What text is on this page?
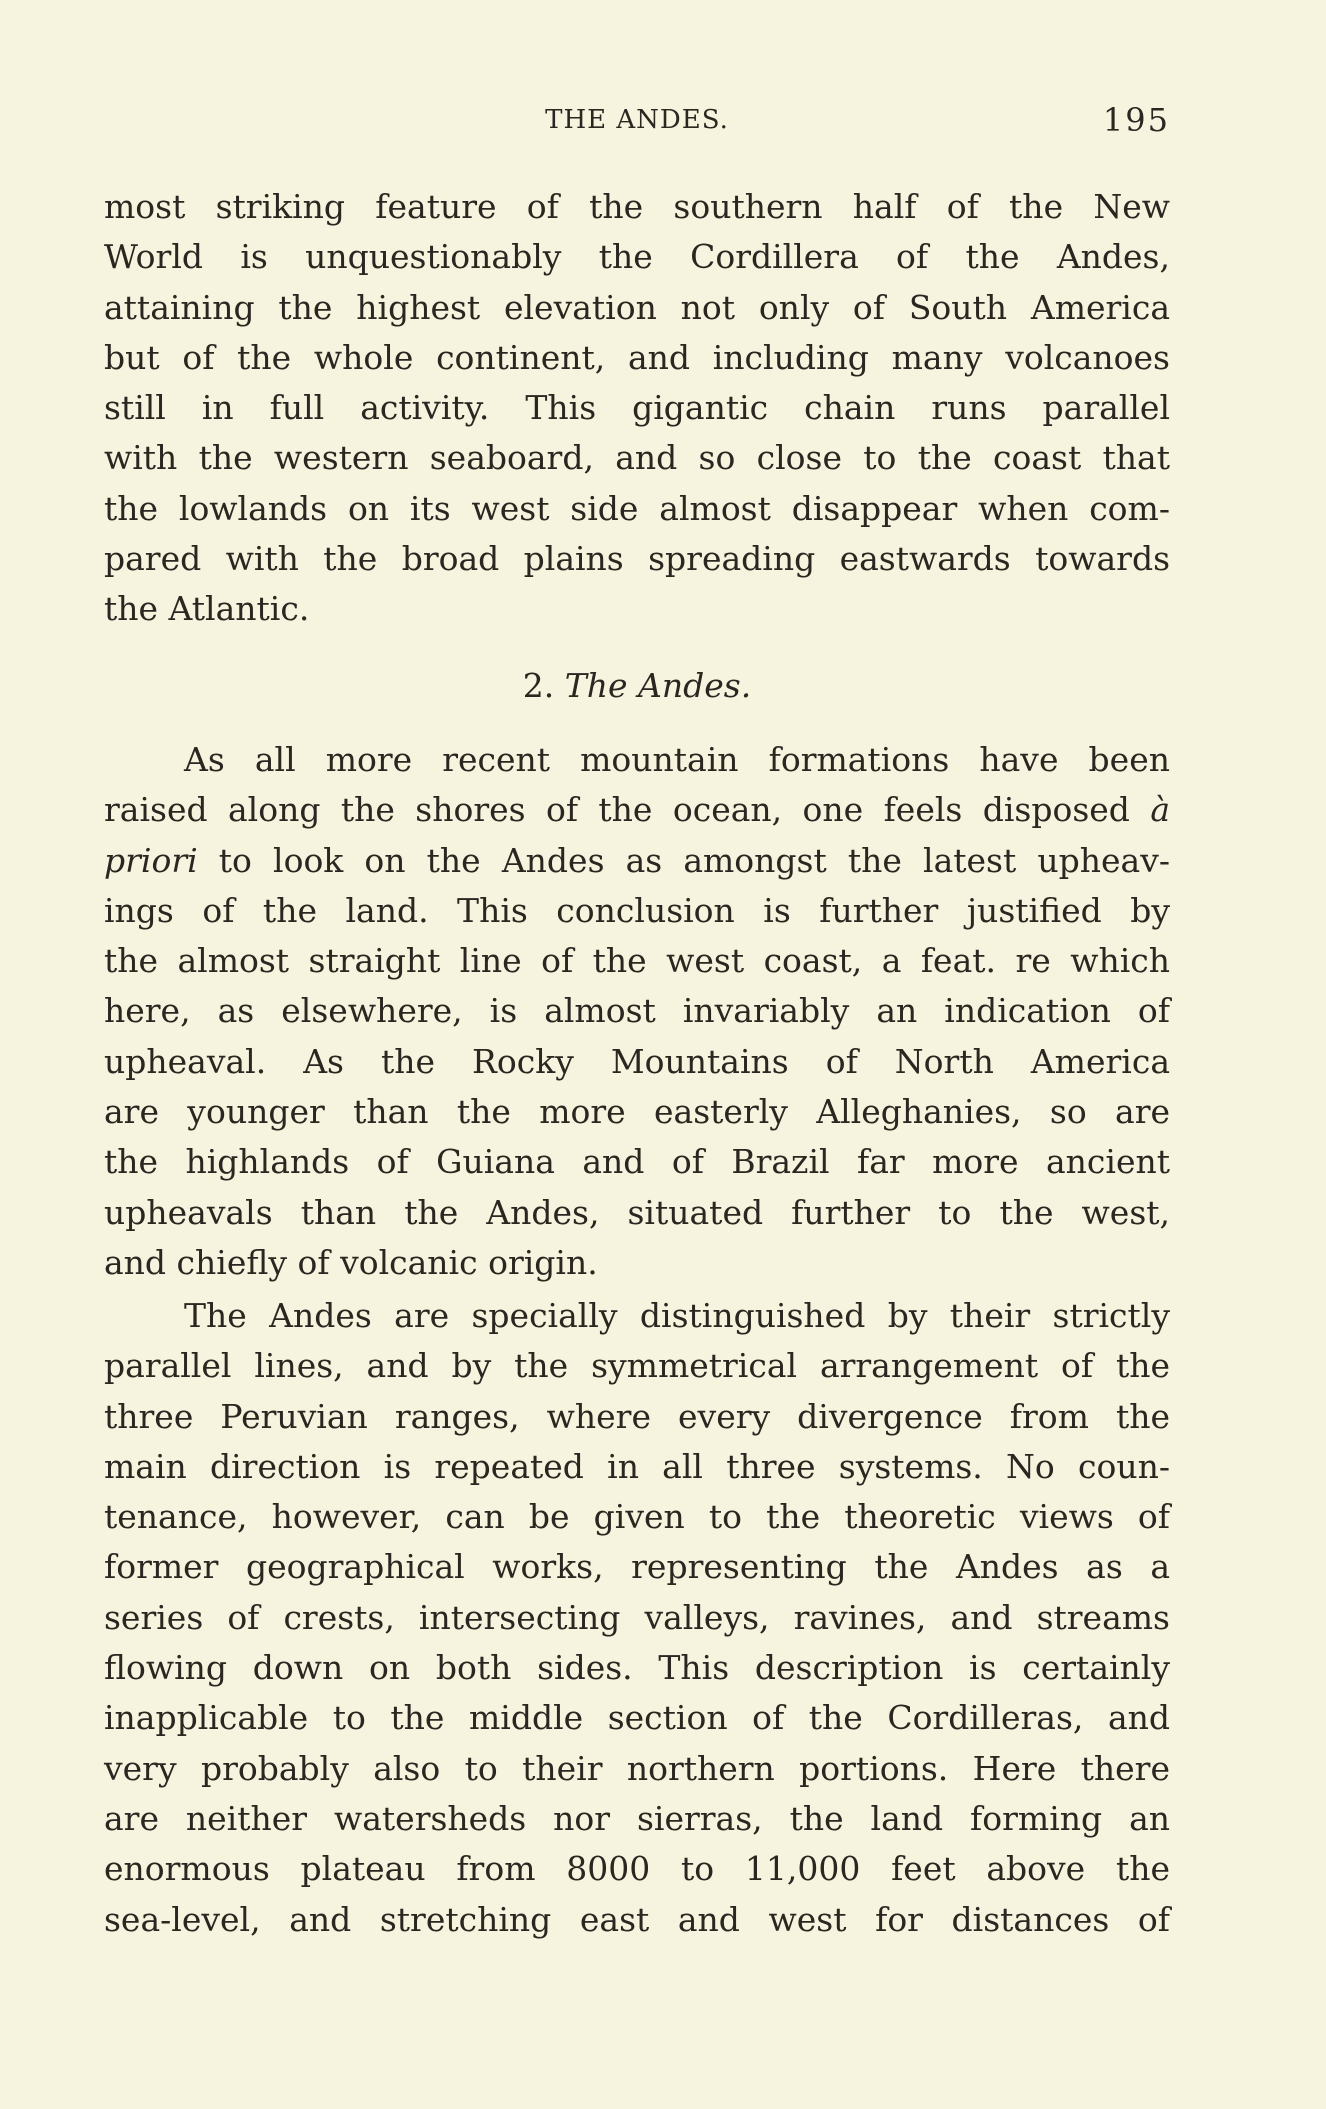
THE ANDES.	195
most striking feature of the southern half of the New
World is unquestionably the Cordillera of the Andes,
attaining the highest elevation not only of South America
but of the whole continent, and including many volcanoes
still in full activity. This gigantic chain runs parallel
with the western seaboard, and so close to the coast that
the lowlands on its west side almost disappear when com-
pared with the broad plains spreading eastwards towards
the Atlantic.
2. The Andes.
As all more recent mountain formations have been
raised along the shores of the ocean, one feels disposed à
priori to look on the Andes as amongst the latest upheav-
ings of the land. This conclusion is further justified by
the almost straight line of the west coast, a feat. re which
here, as elsewhere, is almost invariably an indication of
upheaval. As the Rocky Mountains of North America
are younger than the more easterly Alleghanies, so are
the highlands of Guiana and of Brazil far more ancient
upheavals than the Andes, situated further to the west,
and chiefly of volcanic origin.
The Andes are specially distinguished by their strictly
parallel lines, and by the symmetrical arrangement of the
three Peruvian ranges, where every divergence from the
main direction is repeated in all three systems. No coun-
tenance, however, can be given to the theoretic views of
former geographical works, representing the Andes as a
series of crests, intersecting valleys, ravines, and streams
flowing down on both sides. This description is certainly
inapplicable to the middle section of the Cordilleras, and
very probably also to their northern portions. Here there
are neither watersheds nor sierras, the land forming an
enormous plateau from 8000 to 11,000 feet above the
sea-level, and stretching east and west for distances of
